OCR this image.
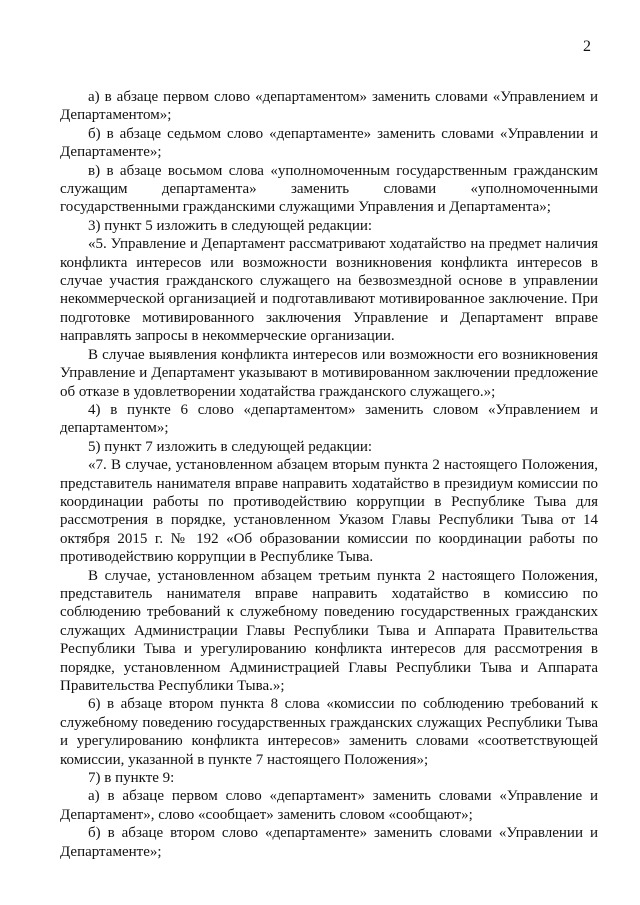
2

а) в абзаце первом слово «департаментом» заменить словами «Управлением и Департаментом»;

б) в абзаце седьмом слово «департаменте» заменить словами «Управлении и Департаменте»;

в) в абзаце восьмом слова «уполномоченным государственным гражданским служащим департамента» заменить словами «уполномоченными государственными гражданскими служащими Управления и Департамента»;

3) пункт 5 изложить в следующей редакции:

«5. Управление и Департамент рассматривают ходатайство на предмет наличия конфликта интересов или возможности возникновения конфликта интересов в случае участия гражданского служащего на безвозмездной основе в управлении некоммерческой организацией и подготавливают мотивированное заключение. При подготовке мотивированного заключения Управление и Департамент вправе направлять запросы в некоммерческие организации.

В случае выявления конфликта интересов или возможности его возникновения Управление и Департамент указывают в мотивированном заключении предложение об отказе в удовлетворении ходатайства гражданского служащего.»;

4) в пункте 6 слово «департаментом» заменить словом «Управлением и департаментом»;

5) пункт 7 изложить в следующей редакции:

«7. В случае, установленном абзацем вторым пункта 2 настоящего Положения, представитель нанимателя вправе направить ходатайство в президиум комиссии по координации работы по противодействию коррупции в Республике Тыва для рассмотрения в порядке, установленном Указом Главы Республики Тыва от 14 октября 2015 г. № 192 «Об образовании комиссии по координации работы по противодействию коррупции в Республике Тыва.

В случае, установленном абзацем третьим пункта 2 настоящего Положения, представитель нанимателя вправе направить ходатайство в комиссию по соблюдению требований к служебному поведению государственных гражданских служащих Администрации Главы Республики Тыва и Аппарата Правительства Республики Тыва и урегулированию конфликта интересов для рассмотрения в порядке, установленном Администрацией Главы Республики Тыва и Аппарата Правительства Республики Тыва.»;

6) в абзаце втором пункта 8 слова «комиссии по соблюдению требований к служебному поведению государственных гражданских служащих Республики Тыва и урегулированию конфликта интересов» заменить словами «соответствующей комиссии, указанной в пункте 7 настоящего Положения»;

7) в пункте 9:

а) в абзаце первом слово «департамент» заменить словами «Управление и Департамент», слово «сообщает» заменить словом «сообщают»;

б) в абзаце втором слово «департаменте» заменить словами «Управлении и Департаменте»;
